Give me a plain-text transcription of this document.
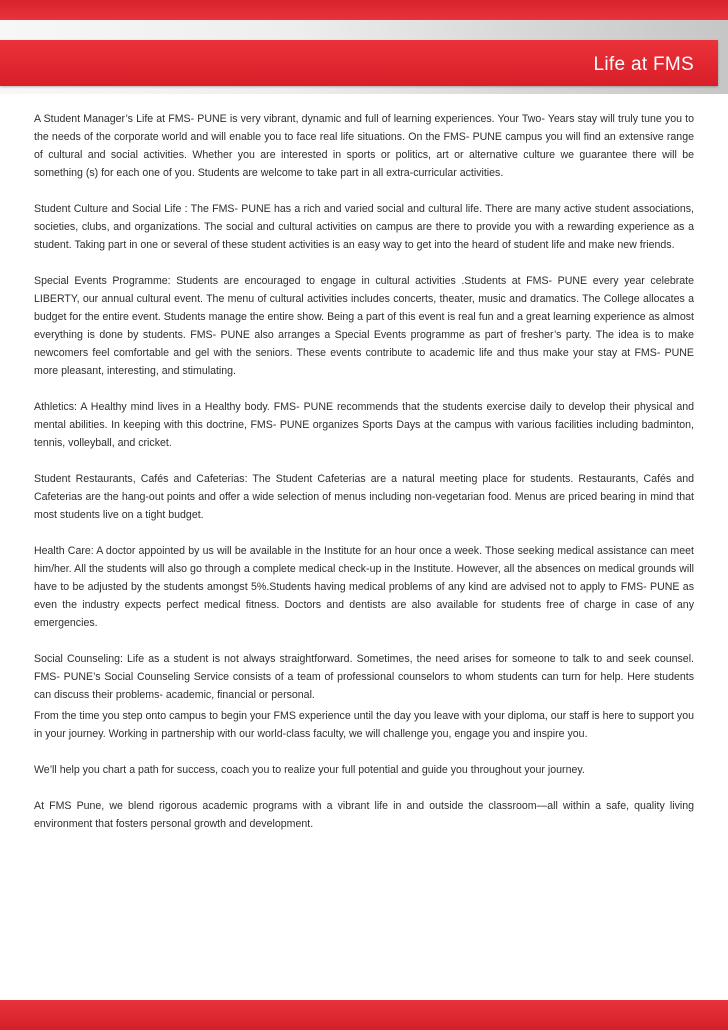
Life at FMS

A Student Manager’s Life at FMS- PUNE is very vibrant, dynamic and full of learning experiences. Your Two- Years stay will truly tune you to the needs of the corporate world and will enable you to face real life situations. On the FMS- PUNE campus you will find an extensive range of cultural and social activities. Whether you are interested in sports or politics, art or alternative culture we guarantee there will be something (s) for each one of you. Students are welcome to take part in all extra-curricular activities.

Student Culture and Social Life : The FMS- PUNE has a rich and varied social and cultural life. There are many active student associations, societies, clubs, and organizations. The social and cultural activities on campus are there to provide you with a rewarding experience as a student. Taking part in one or several of these student activities is an easy way to get into the heard of student life and make new friends.

Special Events Programme: Students are encouraged to engage in cultural activities .Students at FMS- PUNE every year celebrate LIBERTY, our annual cultural event. The menu of cultural activities includes concerts, theater, music and dramatics. The College allocates a budget for the entire event. Students manage the entire show. Being a part of this event is real fun and a great learning experience as almost everything is done by students. FMS- PUNE also arranges a Special Events programme as part of fresher’s party. The idea is to make newcomers feel comfortable and gel with the seniors. These events contribute to academic life and thus make your stay at FMS- PUNE more pleasant, interesting, and stimulating.

Athletics: A Healthy mind lives in a Healthy body. FMS- PUNE recommends that the students exercise daily to develop their physical and mental abilities. In keeping with this doctrine, FMS- PUNE organizes Sports Days at the campus with various facilities including badminton, tennis, volleyball, and cricket.

Student Restaurants, Cafés and Cafeterias: The Student Cafeterias are a natural meeting place for students. Restaurants, Cafés and Cafeterias are the hang-out points and offer a wide selection of menus including non-vegetarian food. Menus are priced bearing in mind that most students live on a tight budget.

Health Care: A doctor appointed by us will be available in the Institute for an hour once a week. Those seeking medical assistance can meet him/her. All the students will also go through a complete medical check-up in the Institute. However, all the absences on medical grounds will have to be adjusted by the students amongst 5%.Students having medical problems of any kind are advised not to apply to FMS- PUNE as even the industry expects perfect medical fitness. Doctors and dentists are also available for students free of charge in case of any emergencies.

Social Counseling: Life as a student is not always straightforward. Sometimes, the need arises for someone to talk to and seek counsel. FMS- PUNE’s Social Counseling Service consists of a team of professional counselors to whom students can turn for help. Here students can discuss their problems- academic, financial or personal.

From the time you step onto campus to begin your FMS experience until the day you leave with your diploma, our staff is here to support you in your journey. Working in partnership with our world-class faculty, we will challenge you, engage you and inspire you.

We’ll help you chart a path for success, coach you to realize your full potential and guide you throughout your journey.

At FMS Pune, we blend rigorous academic programs with a vibrant life in and outside the classroom—all within a safe, quality living environment that fosters personal growth and development.
